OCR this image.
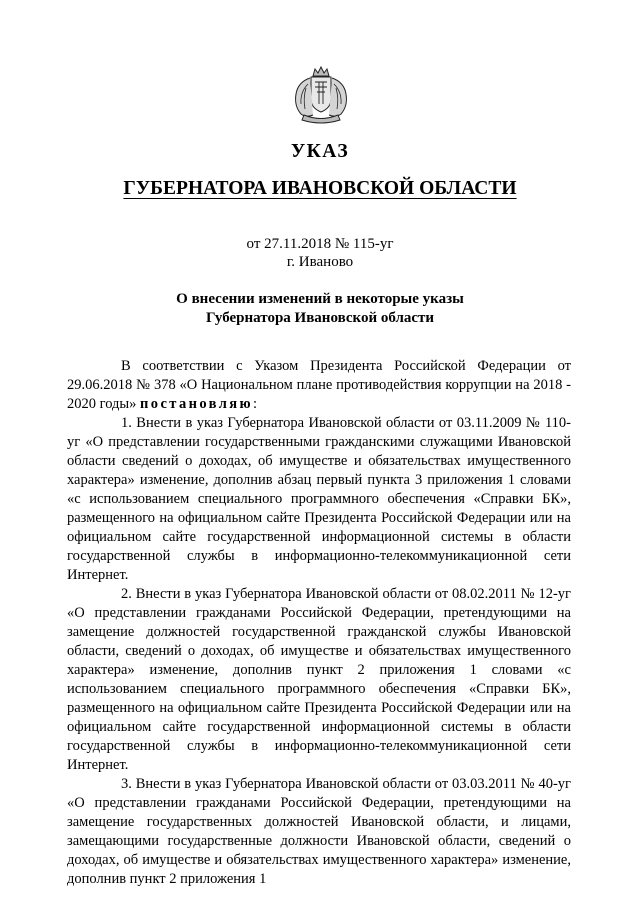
УКАЗ
ГУБЕРНАТОРА ИВАНОВСКОЙ ОБЛАСТИ
от 27.11.2018 № 115-уг
г. Иваново
О внесении изменений в некоторые указы
Губернатора Ивановской области

В соответствии с Указом Президента Российской Федерации от 29.06.2018 № 378 «О Национальном плане противодействия коррупции на 2018 - 2020 годы» постановляю:

1. Внести в указ Губернатора Ивановской области от 03.11.2009 № 110-уг «О представлении государственными гражданскими служащими Ивановской области сведений о доходах, об имуществе и обязательствах имущественного характера» изменение, дополнив абзац первый пункта 3 приложения 1 словами «с использованием специального программного обеспечения «Справки БК», размещенного на официальном сайте Президента Российской Федерации или на официальном сайте государственной информационной системы в области государственной службы в информационно-телекоммуникационной сети Интернет.

2. Внести в указ Губернатора Ивановской области от 08.02.2011 № 12-уг «О представлении гражданами Российской Федерации, претендующими на замещение должностей государственной гражданской службы Ивановской области, сведений о доходах, об имуществе и обязательствах имущественного характера» изменение, дополнив пункт 2 приложения 1 словами «с использованием специального программного обеспечения «Справки БК», размещенного на официальном сайте Президента Российской Федерации или на официальном сайте государственной информационной системы в области государственной службы в информационно-телекоммуникационной сети Интернет.

3. Внести в указ Губернатора Ивановской области от 03.03.2011 № 40-уг «О представлении гражданами Российской Федерации, претендующими на замещение государственных должностей Ивановской области, и лицами, замещающими государственные должности Ивановской области, сведений о доходах, об имуществе и обязательствах имущественного характера» изменение, дополнив пункт 2 приложения 1
